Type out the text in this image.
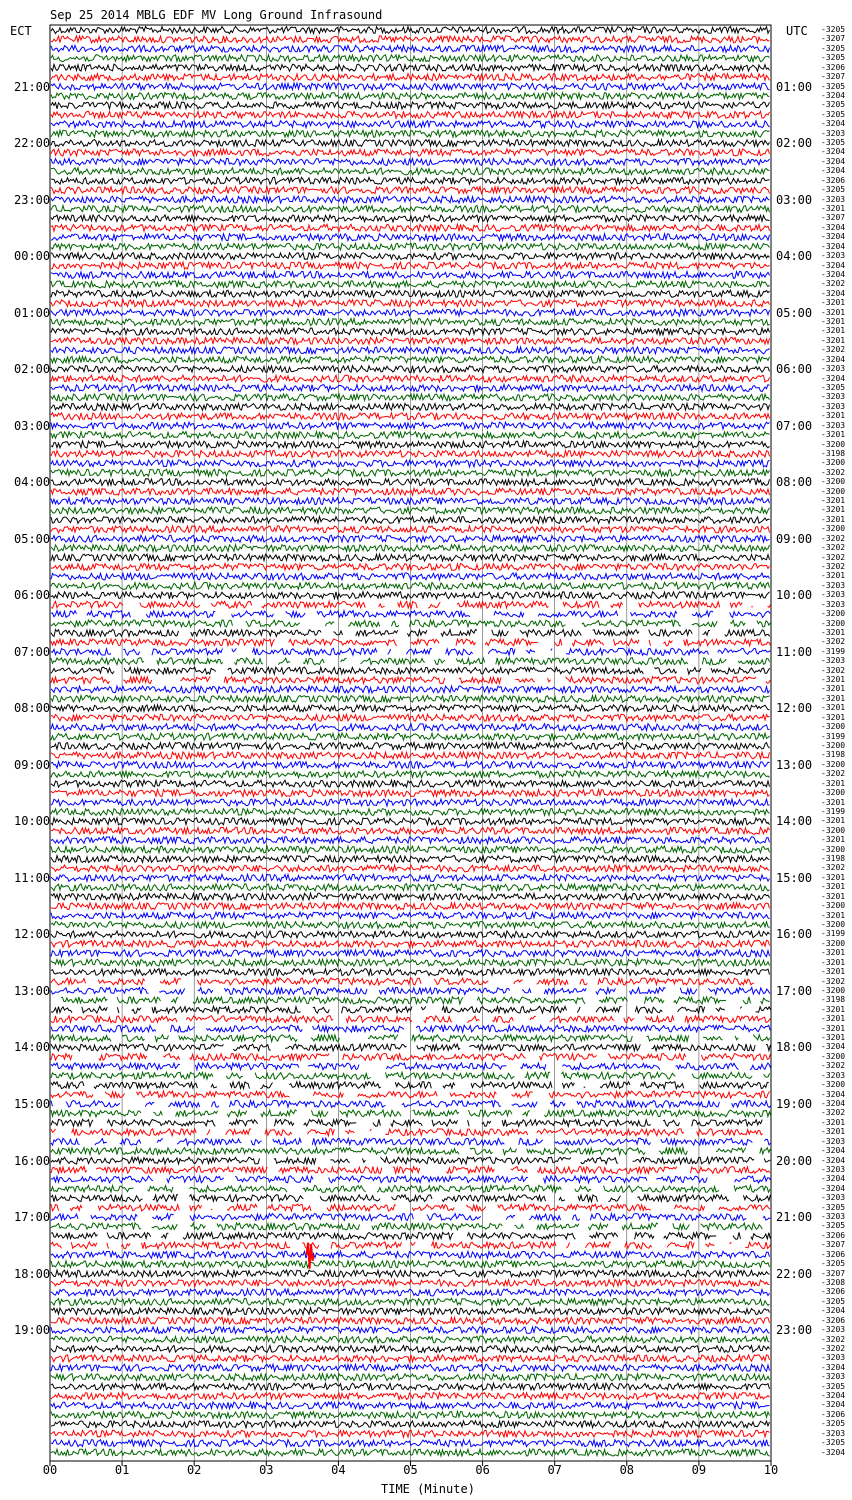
Sep 25 2014 MBLG EDF MV Long Ground Infrasound
ECT	UTC
21:00
22:00
23:00
00:00
01:00
02:00
03:00
04:00
05:00
06:00
07:00
08:00
09:00
10:00
11:00
12:00
13:00
14:00
15:00
16:00
17:00
18:00
19:00
01:00
02:00
03:00
04:00
05:00
06:00
07:00
08:00
09:00
10:00
11:00
12:00
13:00
14:00
15:00
16:00
17:00
18:00
19:00
20:00
21:00
22:00
23:00
-3205
-3207
-3205
-3205
-3206
-3207
-3205
-3204
-3205
-3205
-3204
-3203
-3205
-3204
-3204
-3204
-3206
-3205
-3203
-3201
-3207
-3204
-3204
-3204
-3203
-3204
-3204
-3202
-3204
-3201
-3201
-3201
-3201
-3201
-3202
-3204
-3203
-3204
-3205
-3203
-3203
-3201
-3203
-3201
-3200
-3198
-3200
-3202
-3200
-3200
-3201
-3201
-3201
-3200
-3202
-3202
-3202
-3202
-3201
-3203
-3203
-3203
-3200
-3200
-3201
-3202
-3199
-3203
-3202
-3201
-3201
-3201
-3201
-3201
-3200
-3199
-3200
-3198
-3200
-3202
-3201
-3200
-3201
-3199
-3201
-3200
-3201
-3200
-3198
-3202
-3201
-3201
-3201
-3200
-3201
-3200
-3199
-3200
-3201
-3201
-3201
-3202
-3200
-3198
-3201
-3201
-3201
-3201
-3204
-3200
-3202
-3203
-3200
-3204
-3204
-3202
-3201
-3201
-3203
-3204
-3204
-3203
-3204
-3204
-3203
-3205
-3203
-3205
-3206
-3207
-3206
-3205
-3207
-3208
-3206
-3205
-3204
-3206
-3203
-3202
-3202
-3203
-3204
-3203
-3205
-3204
-3204
-3206
-3205
-3203
-3205
-3204
00	01	02	03	04	05	06	07	08	09	10
TIME (Minute)
